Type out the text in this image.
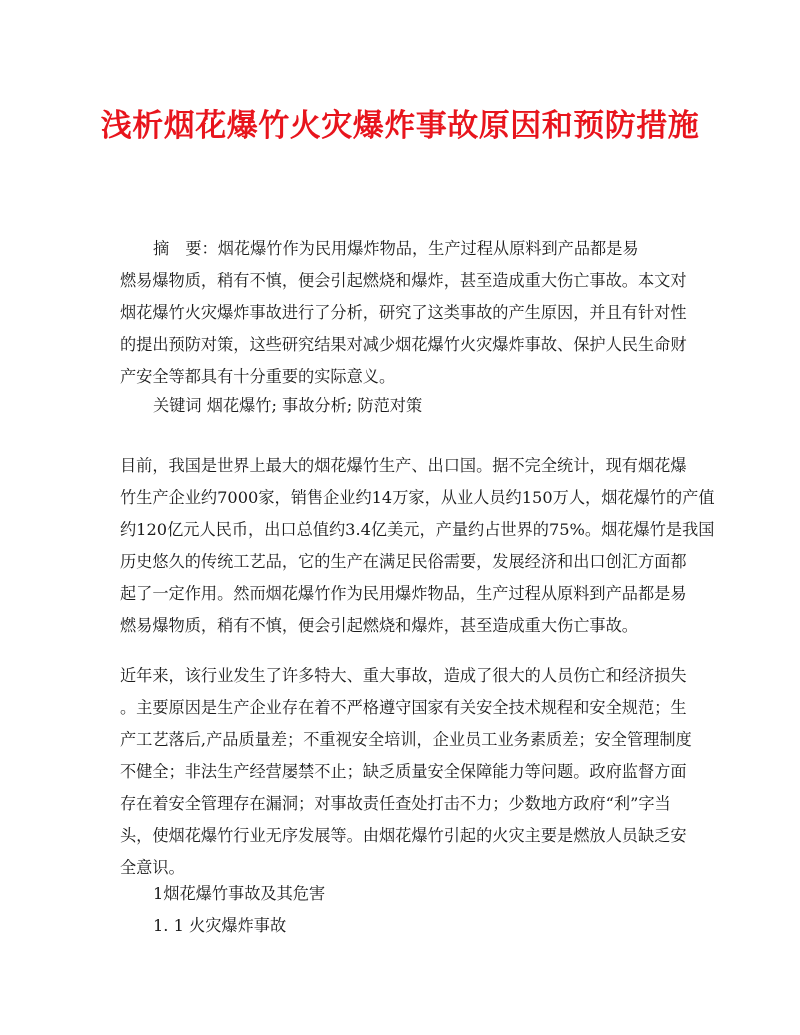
浅析烟花爆竹火灾爆炸事故原因和预防措施
摘　要：烟花爆竹作为民用爆炸物品，生产过程从原料到产品都是易
燃易爆物质，稍有不慎，便会引起燃烧和爆炸，甚至造成重大伤亡事故。本文对
烟花爆竹火灾爆炸事故进行了分析，研究了这类事故的产生原因，并且有针对性
的提出预防对策，这些研究结果对减少烟花爆竹火灾爆炸事故、保护人民生命财
产安全等都具有十分重要的实际意义。
关键词 烟花爆竹; 事故分析; 防范对策
目前，我国是世界上最大的烟花爆竹生产、出口国。据不完全统计，现有烟花爆
竹生产企业约7000家，销售企业约14万家，从业人员约150万人，烟花爆竹的产值
约120亿元人民币，出口总值约3.4亿美元，产量约占世界的75%。烟花爆竹是我国
历史悠久的传统工艺品，它的生产在满足民俗需要，发展经济和出口创汇方面都
起了一定作用。然而烟花爆竹作为民用爆炸物品，生产过程从原料到产品都是易
燃易爆物质，稍有不慎，便会引起燃烧和爆炸，甚至造成重大伤亡事故。
近年来，该行业发生了许多特大、重大事故，造成了很大的人员伤亡和经济损失
。主要原因是生产企业存在着不严格遵守国家有关安全技术规程和安全规范；生
产工艺落后,产品质量差；不重视安全培训，企业员工业务素质差；安全管理制度
不健全；非法生产经营屡禁不止；缺乏质量安全保障能力等问题。政府监督方面
存在着安全管理存在漏洞；对事故责任查处打击不力；少数地方政府“利”字当
头，使烟花爆竹行业无序发展等。由烟花爆竹引起的火灾主要是燃放人员缺乏安
全意识。
1烟花爆竹事故及其危害
1. 1 火灾爆炸事故
